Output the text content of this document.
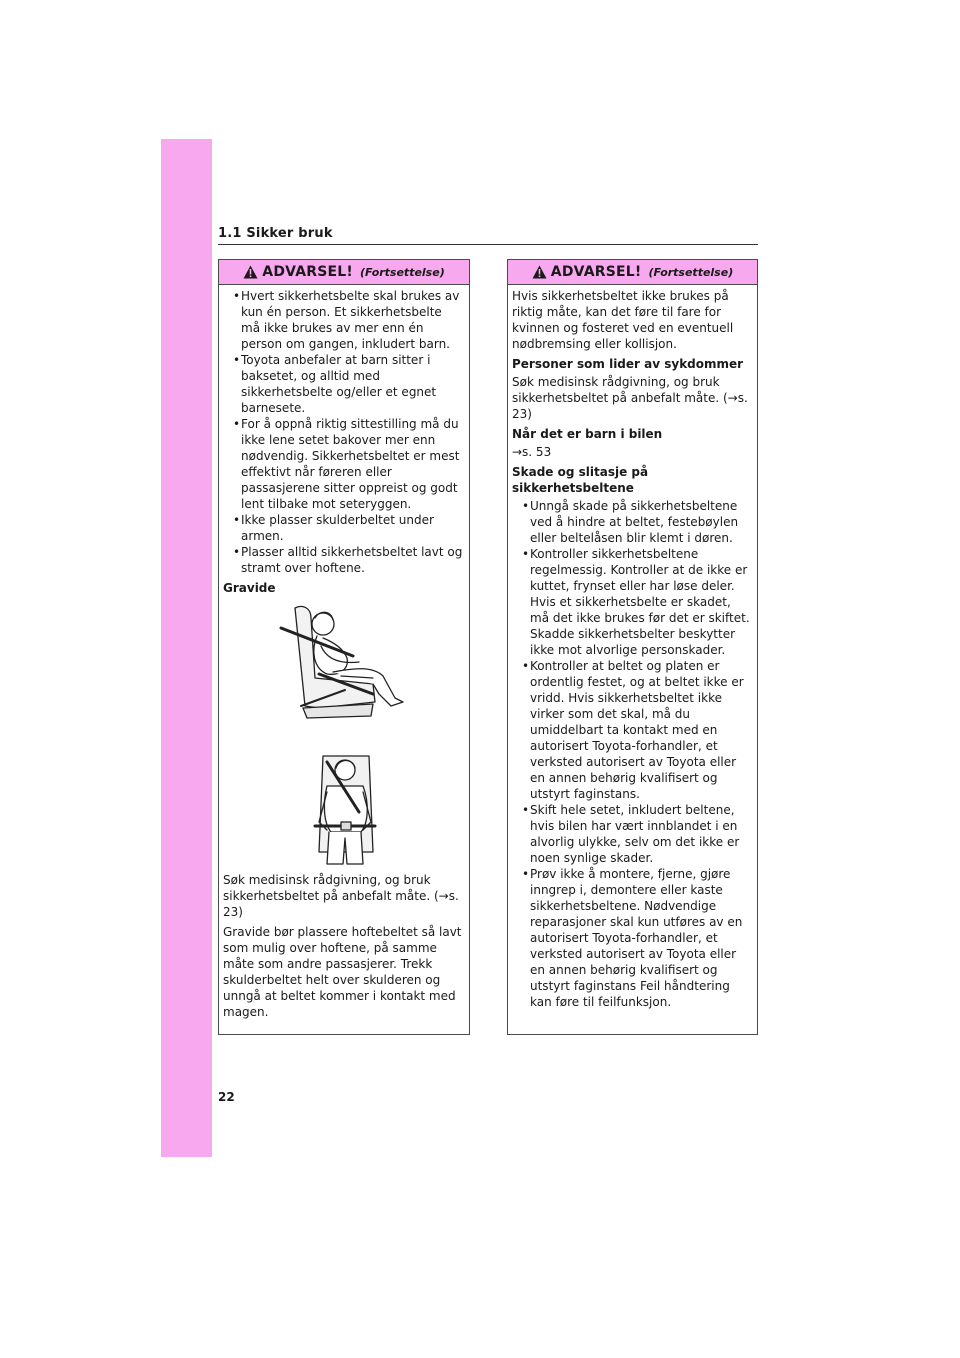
1.1 Sikker bruk
ADVARSEL! (Fortsettelse)
• Hvert sikkerhetsbelte skal brukes av kun én person. Et sikkerhetsbelte må ikke brukes av mer enn én person om gangen, inkludert barn.
• Toyota anbefaler at barn sitter i baksetet, og alltid med sikkerhetsbelte og/eller et egnet barnesete.
• For å oppnå riktig sittestilling må du ikke lene setet bakover mer enn nødvendig. Sikkerhetsbeltet er mest effektivt når føreren eller passasjerene sitter oppreist og godt lent tilbake mot seteryggen.
• Ikke plasser skulderbeltet under armen.
• Plasser alltid sikkerhetsbeltet lavt og stramt over hoftene.
Gravide
Søk medisinsk rådgivning, og bruk sikkerhetsbeltet på anbefalt måte. (→s. 23)
Gravide bør plassere hoftebeltet så lavt som mulig over hoftene, på samme måte som andre passasjerer. Trekk skulderbeltet helt over skulderen og unngå at beltet kommer i kontakt med magen.
ADVARSEL! (Fortsettelse)
Hvis sikkerhetsbeltet ikke brukes på riktig måte, kan det føre til fare for kvinnen og fosteret ved en eventuell nødbremsing eller kollisjon.
Personer som lider av sykdommer
Søk medisinsk rådgivning, og bruk sikkerhetsbeltet på anbefalt måte. (→s. 23)
Når det er barn i bilen
→s. 53
Skade og slitasje på sikkerhetsbeltene
• Unngå skade på sikkerhetsbeltene ved å hindre at beltet, festebøylen eller beltelåsen blir klemt i døren.
• Kontroller sikkerhetsbeltene regelmessig. Kontroller at de ikke er kuttet, frynset eller har løse deler. Hvis et sikkerhetsbelte er skadet, må det ikke brukes før det er skiftet. Skadde sikkerhetsbelter beskytter ikke mot alvorlige personskader.
• Kontroller at beltet og platen er ordentlig festet, og at beltet ikke er vridd. Hvis sikkerhetsbeltet ikke virker som det skal, må du umiddelbart ta kontakt med en autorisert Toyota-forhandler, et verksted autorisert av Toyota eller en annen behørig kvalifisert og utstyrt faginstans.
• Skift hele setet, inkludert beltene, hvis bilen har vært innblandet i en alvorlig ulykke, selv om det ikke er noen synlige skader.
• Prøv ikke å montere, fjerne, gjøre inngrep i, demontere eller kaste sikkerhetsbeltene. Nødvendige reparasjoner skal kun utføres av en autorisert Toyota-forhandler, et verksted autorisert av Toyota eller en annen behørig kvalifisert og utstyrt faginstans Feil håndtering kan føre til feilfunksjon.
22
